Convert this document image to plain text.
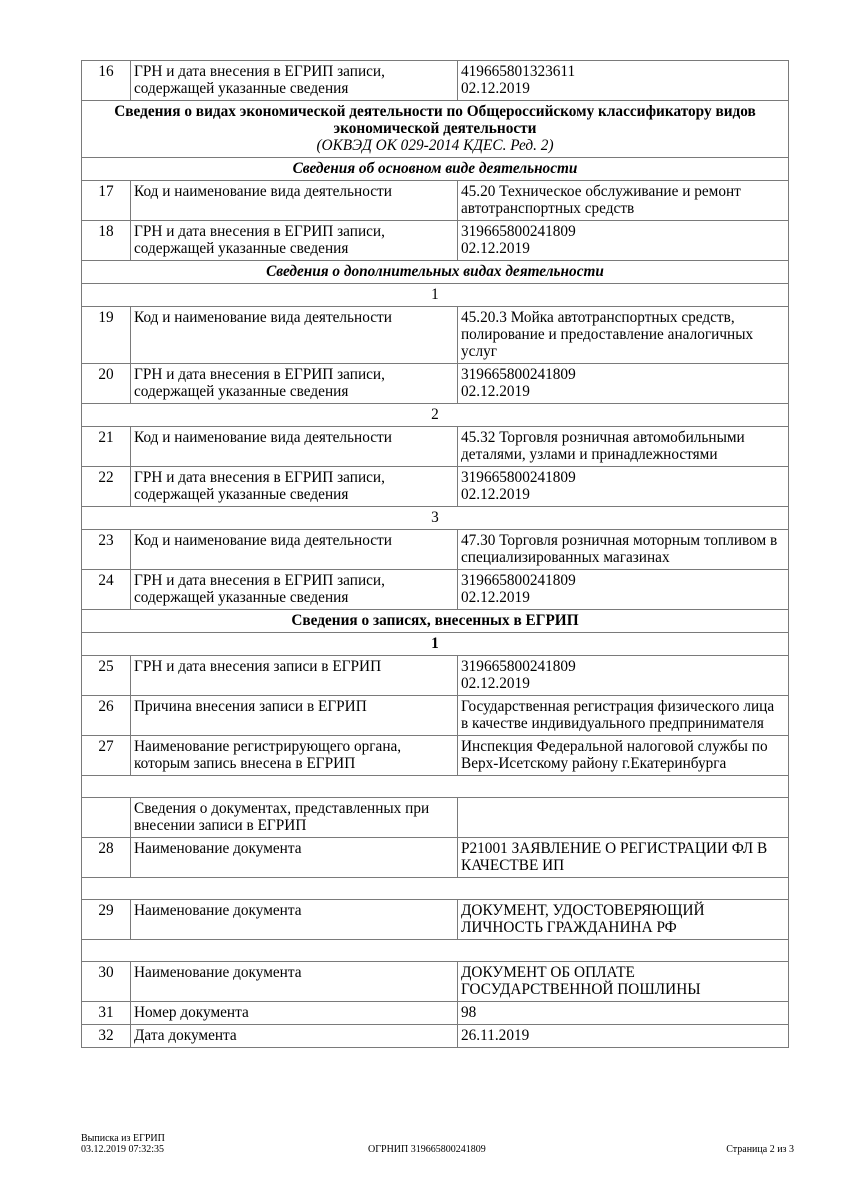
16	ГРН и дата внесения в ЕГРИП записи, содержащей указанные сведения	419665801323611
02.12.2019

Сведения о видах экономической деятельности по Общероссийскому классификатору видов экономической деятельности
(ОКВЭД ОК 029-2014 КДЕС. Ред. 2)		

Сведения об основном виде деятельности		
17	Код и наименование вида деятельности	45.20 Техническое обслуживание и ремонт автотранспортных средств
18	ГРН и дата внесения в ЕГРИП записи, содержащей указанные сведения	319665800241809
02.12.2019

Сведения о дополнительных видах деятельности		
1		
19	Код и наименование вида деятельности	45.20.3 Мойка автотранспортных средств, полирование и предоставление аналогичных услуг
20	ГРН и дата внесения в ЕГРИП записи, содержащей указанные сведения	319665800241809
02.12.2019

2		
21	Код и наименование вида деятельности	45.32 Торговля розничная автомобильными деталями, узлами и принадлежностями
22	ГРН и дата внесения в ЕГРИП записи, содержащей указанные сведения	319665800241809
02.12.2019

3		
23	Код и наименование вида деятельности	47.30 Торговля розничная моторным топливом в специализированных магазинах
24	ГРН и дата внесения в ЕГРИП записи, содержащей указанные сведения	319665800241809
02.12.2019

Сведения о записях, внесенных в ЕГРИП		
1		
25	ГРН и дата внесения записи в ЕГРИП	319665800241809
02.12.2019

26	Причина внесения записи в ЕГРИП	Государственная регистрация физического лица в качестве индивидуального предпринимателя
27	Наименование регистрирующего органа, которым запись внесена в ЕГРИП	Инспекция Федеральной налоговой службы по Верх-Исетскому району г.Екатеринбурга

	Сведения о документах, представленных при внесении записи в ЕГРИП	
28	Наименование документа	Р21001 ЗАЯВЛЕНИЕ О РЕГИСТРАЦИИ ФЛ В КАЧЕСТВЕ ИП

29	Наименование документа	ДОКУМЕНТ, УДОСТОВЕРЯЮЩИЙ ЛИЧНОСТЬ ГРАЖДАНИНА РФ

30	Наименование документа	ДОКУМЕНТ ОБ ОПЛАТЕ ГОСУДАРСТВЕННОЙ ПОШЛИНЫ
31	Номер документа	98
32	Дата документа	26.11.2019
Выписка из ЕГРИП
03.12.2019 07:32:35	ОГРНИП 319665800241809	Страница 2 из 3
